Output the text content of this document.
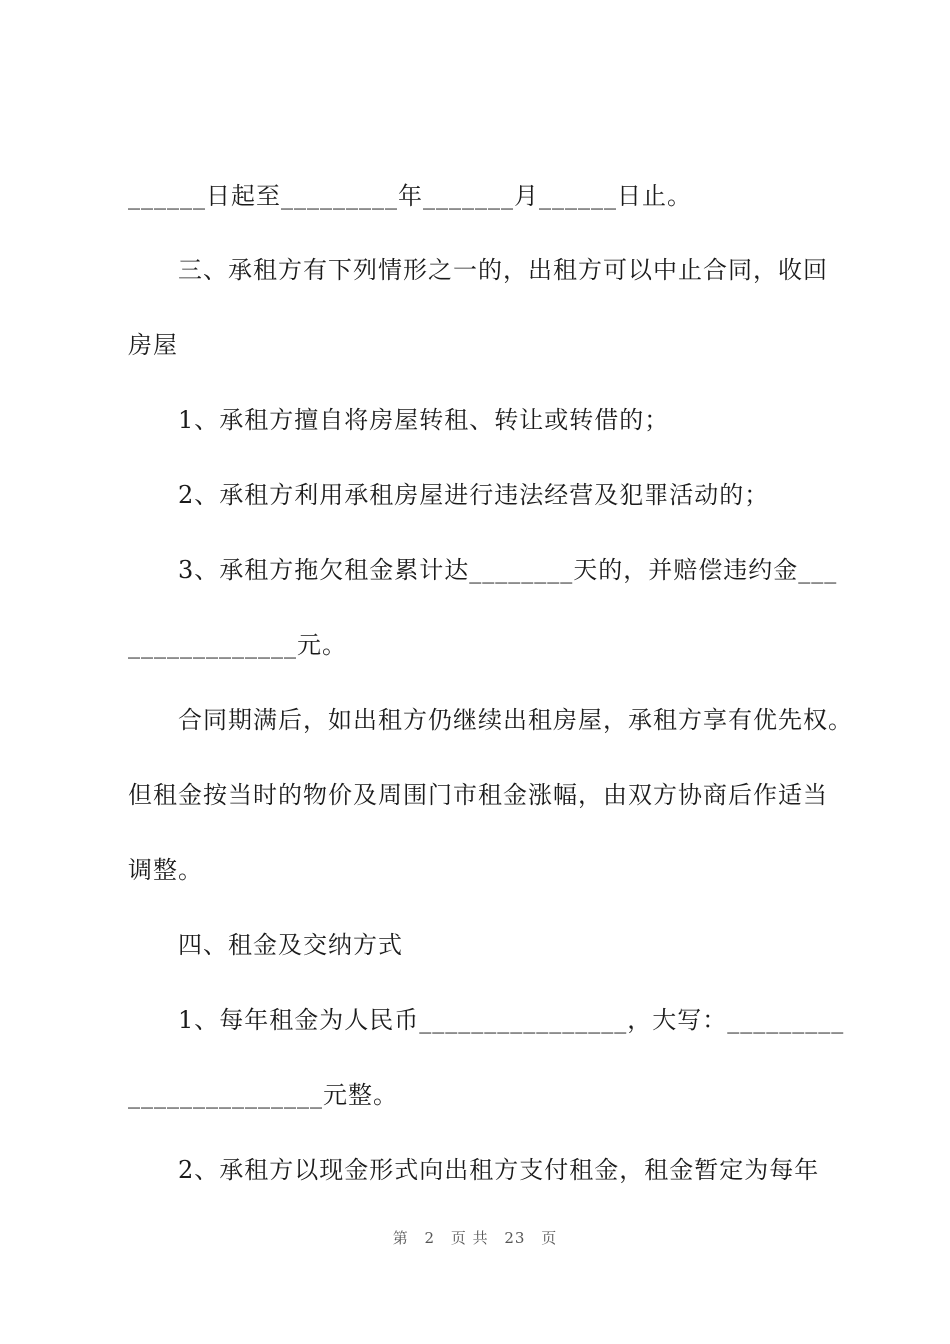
______日起至_________年_______月______日止。
三、承租方有下列情形之一的，出租方可以中止合同，收回
房屋
1、承租方擅自将房屋转租、转让或转借的；
2、承租方利用承租房屋进行违法经营及犯罪活动的；
3、承租方拖欠租金累计达________天的，并赔偿违约金___
_____________元。
合同期满后，如出租方仍继续出租房屋，承租方享有优先权。
但租金按当时的物价及周围门市租金涨幅，由双方协商后作适当
调整。
四、租金及交纳方式
1、每年租金为人民币________________，大写：_________
_______________元整。
2、承租方以现金形式向出租方支付租金，租金暂定为每年
第 2 页 共 23 页
